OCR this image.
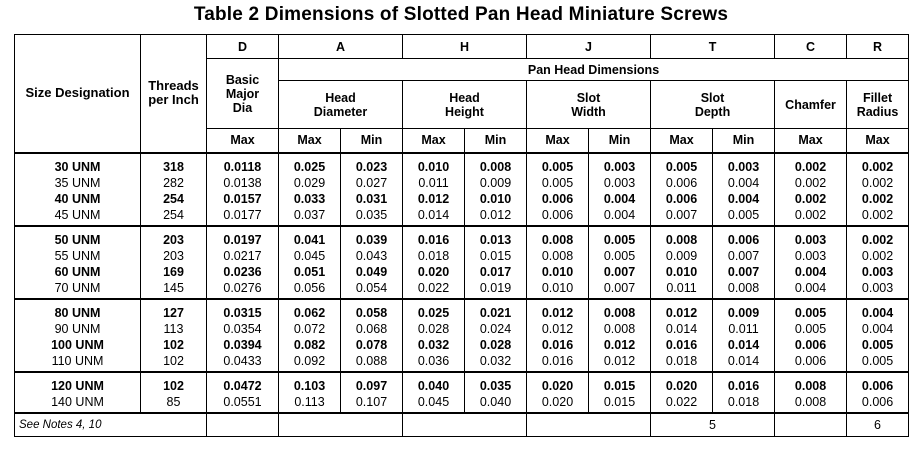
Table 2 Dimensions of Slotted Pan Head Miniature Screws
Size Designation	Threads per Inch	D	A		H		J		T		C	R
		Basic Major Dia	Pan Head Dimensions									
			Head Diameter		Head Height		Slot Width		Slot Depth		Chamfer	Fillet Radius
		Max	Max	Min	Max	Min	Max	Min	Max	Min	Max	Max
30 UNM	318	0.0118	0.025	0.023	0.010	0.008	0.005	0.003	0.005	0.003	0.002	0.002
35 UNM	282	0.0138	0.029	0.027	0.011	0.009	0.005	0.003	0.006	0.004	0.002	0.002
40 UNM	254	0.0157	0.033	0.031	0.012	0.010	0.006	0.004	0.006	0.004	0.002	0.002
45 UNM	254	0.0177	0.037	0.035	0.014	0.012	0.006	0.004	0.007	0.005	0.002	0.002
50 UNM	203	0.0197	0.041	0.039	0.016	0.013	0.008	0.005	0.008	0.006	0.003	0.002
55 UNM	203	0.0217	0.045	0.043	0.018	0.015	0.008	0.005	0.009	0.007	0.003	0.002
60 UNM	169	0.0236	0.051	0.049	0.020	0.017	0.010	0.007	0.010	0.007	0.004	0.003
70 UNM	145	0.0276	0.056	0.054	0.022	0.019	0.010	0.007	0.011	0.008	0.004	0.003
80 UNM	127	0.0315	0.062	0.058	0.025	0.021	0.012	0.008	0.012	0.009	0.005	0.004
90 UNM	113	0.0354	0.072	0.068	0.028	0.024	0.012	0.008	0.014	0.011	0.005	0.004
100 UNM	102	0.0394	0.082	0.078	0.032	0.028	0.016	0.012	0.016	0.014	0.006	0.005
110 UNM	102	0.0433	0.092	0.088	0.036	0.032	0.016	0.012	0.018	0.014	0.006	0.005
120 UNM	102	0.0472	0.103	0.097	0.040	0.035	0.020	0.015	0.020	0.016	0.008	0.006
140 UNM	85	0.0551	0.113	0.107	0.045	0.040	0.020	0.015	0.022	0.018	0.008	0.006
See Notes 4, 10									5			6
